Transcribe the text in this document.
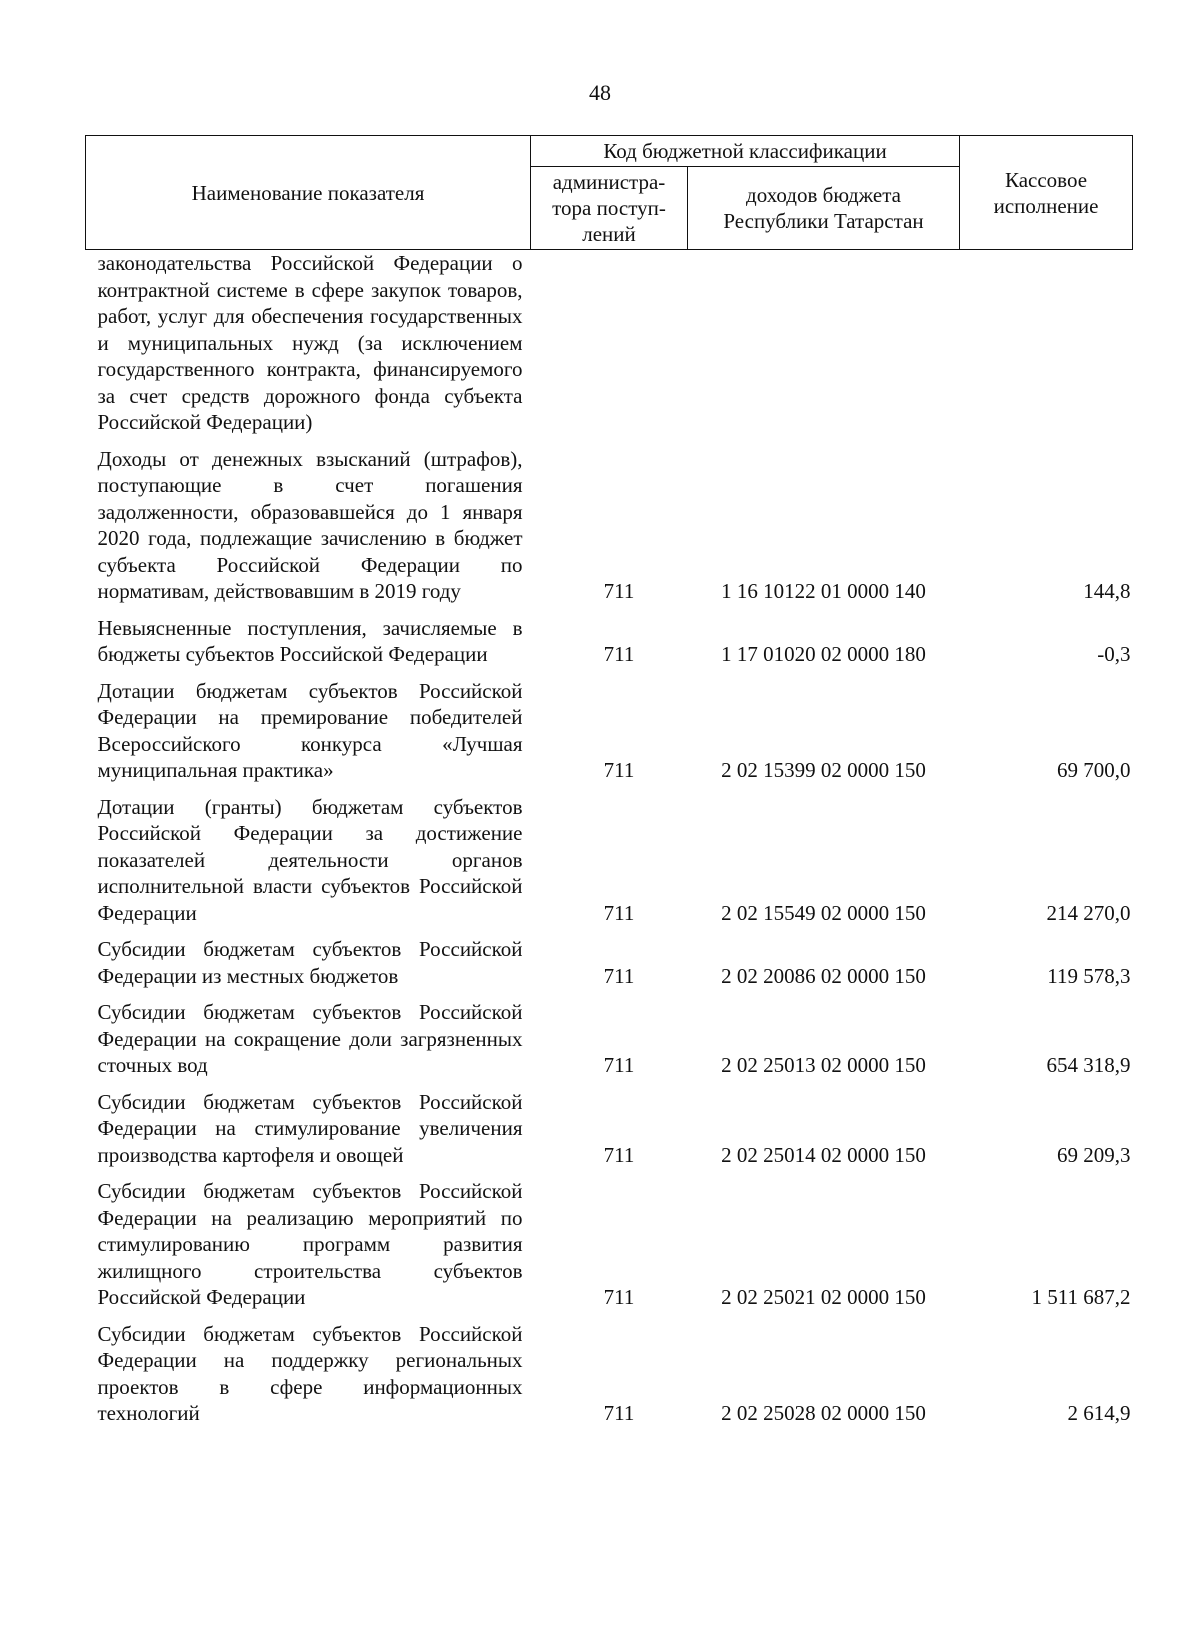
48
Наименование показателя	Код бюджетной классификации		Кассовое исполнение
	администра-тора поступ-лений	доходов бюджета Республики Татарстан	
законодательства Российской Федерации о контрактной системе в сфере закупок товаров, работ, услуг для обеспечения государственных и муниципальных нужд (за исключением государственного контракта, финансируемого за счет средств дорожного фонда субъекта Российской Федерации)			
Доходы от денежных взысканий (штрафов), поступающие в счет погашения задолженности, образовавшейся до 1 января 2020 года, подлежащие зачислению в бюджет субъекта Российской Федерации по нормативам, действовавшим в 2019 году	711	1 16 10122 01 0000 140	144,8
Невыясненные поступления, зачисляемые в бюджеты субъектов Российской Федерации	711	1 17 01020 02 0000 180	-0,3
Дотации бюджетам субъектов Российской Федерации на премирование победителей Всероссийского конкурса «Лучшая муниципальная практика»	711	2 02 15399 02 0000 150	69 700,0
Дотации (гранты) бюджетам субъектов Российской Федерации за достижение показателей деятельности органов исполнительной власти субъектов Российской Федерации	711	2 02 15549 02 0000 150	214 270,0
Субсидии бюджетам субъектов Российской Федерации из местных бюджетов	711	2 02 20086 02 0000 150	119 578,3
Субсидии бюджетам субъектов Российской Федерации на сокращение доли загрязненных сточных вод	711	2 02 25013 02 0000 150	654 318,9
Субсидии бюджетам субъектов Российской Федерации на стимулирование увеличения производства картофеля и овощей	711	2 02 25014 02 0000 150	69 209,3
Субсидии бюджетам субъектов Российской Федерации на реализацию мероприятий по стимулированию программ развития жилищного строительства субъектов Российской Федерации	711	2 02 25021 02 0000 150	1 511 687,2
Субсидии бюджетам субъектов Российской Федерации на поддержку региональных проектов в сфере информационных технологий	711	2 02 25028 02 0000 150	2 614,9
